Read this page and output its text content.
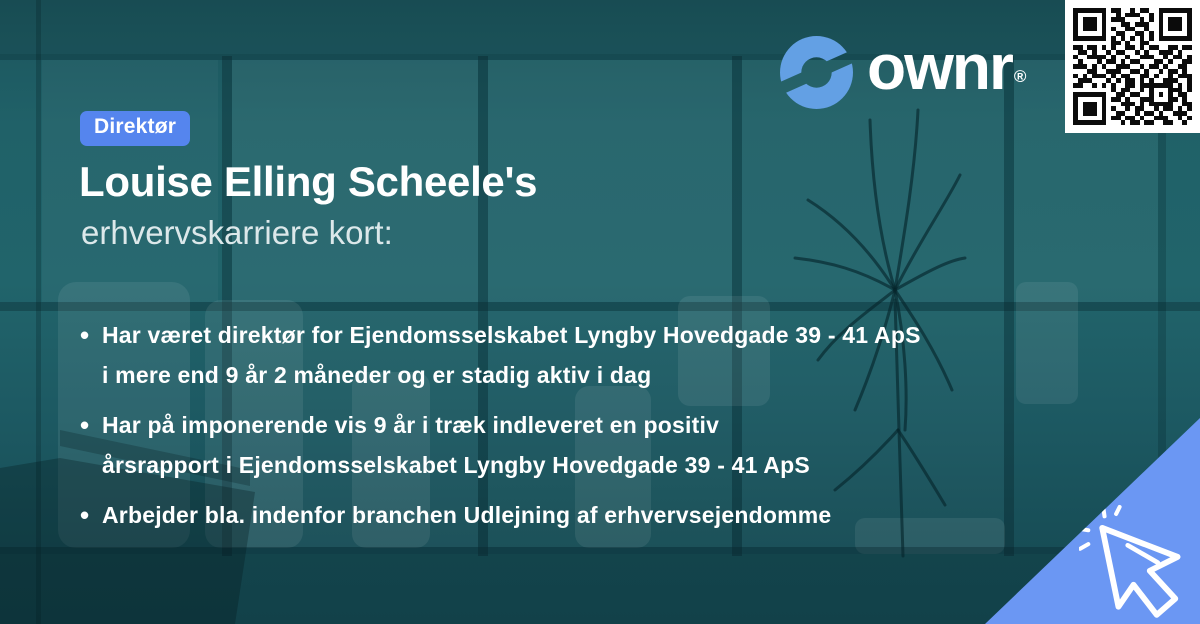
Direktør
Louise Elling Scheele's
erhvervskarriere kort:
• Har været direktør for Ejendomsselskabet Lyngby Hovedgade 39 - 41 ApS
i mere end 9 år 2 måneder og er stadig aktiv i dag
• Har på imponerende vis 9 år i træk indleveret en positiv
årsrapport i Ejendomsselskabet Lyngby Hovedgade 39 - 41 ApS
• Arbejder bla. indenfor branchen Udlejning af erhvervsejendomme
ownr ®
